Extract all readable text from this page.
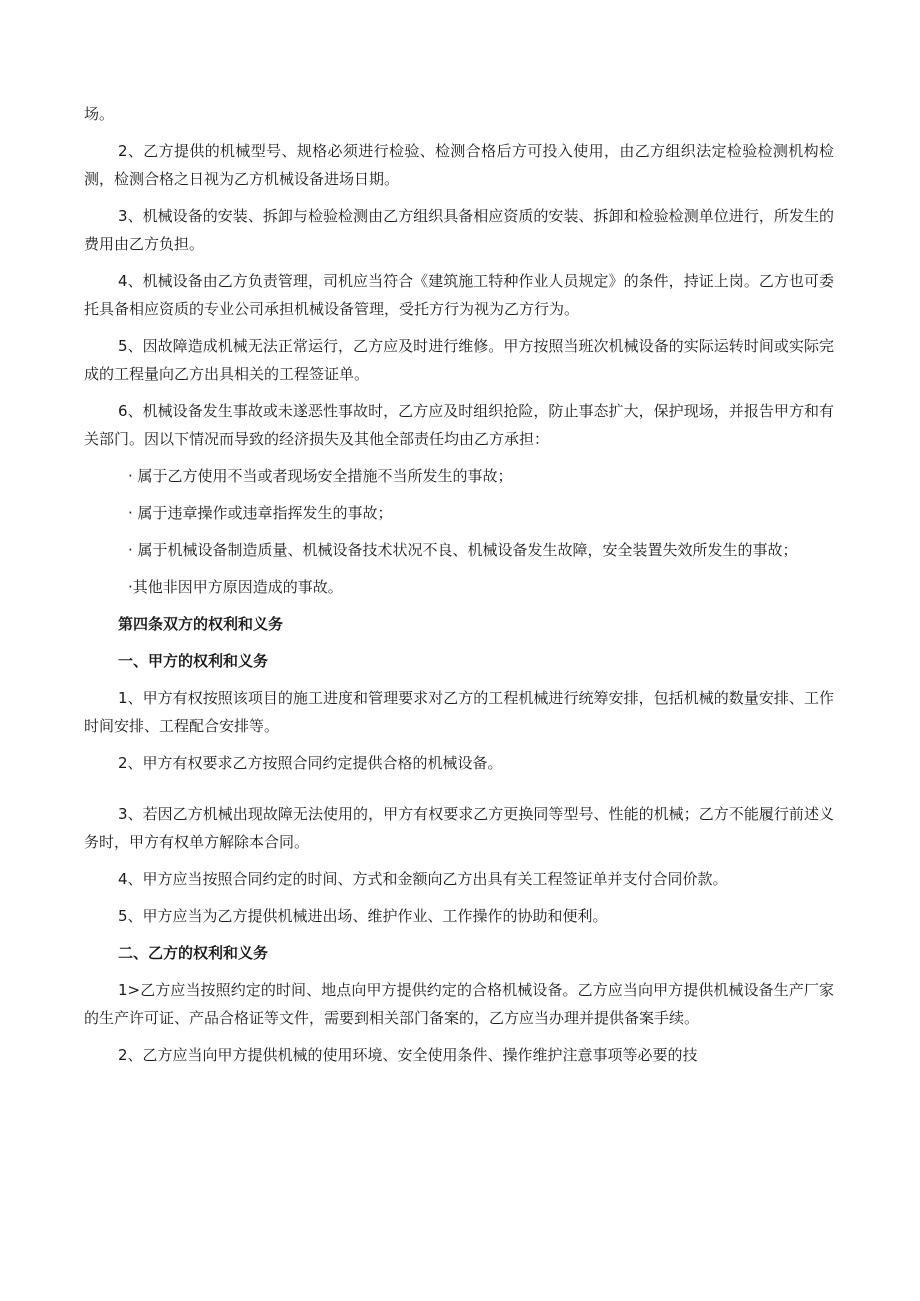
场。

2、乙方提供的机械型号、规格必须进行检验、检测合格后方可投入使用，由乙方组织法定检验检测机构检测，检测合格之日视为乙方机械设备进场日期。

3、机械设备的安装、拆卸与检验检测由乙方组织具备相应资质的安装、拆卸和检验检测单位进行，所发生的费用由乙方负担。

4、机械设备由乙方负责管理，司机应当符合《建筑施工特种作业人员规定》的条件，持证上岗。乙方也可委托具备相应资质的专业公司承担机械设备管理，受托方行为视为乙方行为。

5、因故障造成机械无法正常运行，乙方应及时进行维修。甲方按照当班次机械设备的实际运转时间或实际完成的工程量向乙方出具相关的工程签证单。

6、机械设备发生事故或未遂恶性事故时，乙方应及时组织抢险，防止事态扩大，保护现场，并报告甲方和有关部门。因以下情况而导致的经济损失及其他全部责任均由乙方承担：

· 属于乙方使用不当或者现场安全措施不当所发生的事故；

· 属于违章操作或违章指挥发生的事故；

· 属于机械设备制造质量、机械设备技术状况不良、机械设备发生故障，安全装置失效所发生的事故；

·其他非因甲方原因造成的事故。

第四条双方的权利和义务

一、甲方的权利和义务

1、甲方有权按照该项目的施工进度和管理要求对乙方的工程机械进行统筹安排，包括机械的数量安排、工作时间安排、工程配合安排等。

2、甲方有权要求乙方按照合同约定提供合格的机械设备。

3、若因乙方机械出现故障无法使用的，甲方有权要求乙方更换同等型号、性能的机械；乙方不能履行前述义务时，甲方有权单方解除本合同。

4、甲方应当按照合同约定的时间、方式和金额向乙方出具有关工程签证单并支付合同价款。

5、甲方应当为乙方提供机械进出场、维护作业、工作操作的协助和便利。

二、乙方的权利和义务

1>乙方应当按照约定的时间、地点向甲方提供约定的合格机械设备。乙方应当向甲方提供机械设备生产厂家的生产许可证、产品合格证等文件，需要到相关部门备案的，乙方应当办理并提供备案手续。

2、乙方应当向甲方提供机械的使用环境、安全使用条件、操作维护注意事项等必要的技
